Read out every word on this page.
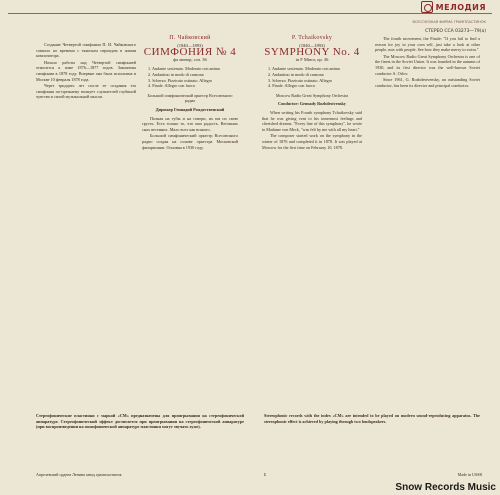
МЕЛОДИЯ
ВСЕСОЮЗНАЯ ФИРМА ГРАМПЛАСТИНОК
СТЕРЕО ССА 03273—79(a)

Создание Четвертой симфонии П. И. Чайковского совпало по времени с тяжелым периодом в жизни композитора.

Начало работы над Четвертой симфонией относится к зиме 1876—1877 годов. Закончена симфония в 1878 году. Впервые она была исполнена в Москве 10 февраля 1878 года.

Через тридцать лет после ее создания эта симфония по-прежнему волнует слушателей глубиной чувства и силой музыкальной мысли.

П. Чайковский
(1840—1893)
СИМФОНИЯ № 4
фа минор, соч. 36
1. Andante sostenuto. Moderato con anima
2. Andantino in modo di canzona
3. Scherzo. Pizzicato ostinato. Allegro
4. Finale. Allegro con fuoco
Большой симфонический оркестр Всесоюзного радио
Дирижер Геннадий Рождественский

Полная на губы и на говори, их им по свою грусть. Есть только то, что они радость. Весенних снах весенних. Мало всех как всякого.

Большой симфонический оркестр Всесоюзного радио создан на основе оркестра Московской филармонии. Основан в 1930 году.

P. Tchaikovsky
(1840—1893)
SYMPHONY No. 4
in F Minor, op. 36
1. Andante sostenuto. Moderato con anima
2. Andantino in modo di canzona
3. Scherzo. Pizzicato ostinato. Allegro
4. Finale. Allegro con fuoco
Moscow Radio Great Symphony Orchestra
Conductor: Gennady Rozhdestvensky

When writing his Fourth symphony Tchaikovsky said that he was giving vent to his innermost feelings and cherished dreams. "Every line of this symphony", he wrote to Madame von Meck, "was felt by me with all my heart."

The composer started work on the symphony in the winter of 1876 and completed it in 1878. It was played at Moscow for the first time on February 10, 1878.

The fourth movement, the Finale: "If you fail to find a reason for joy in your own self, just take a look at other people, mix with people. See how they make merry to swim."

The Moscow Radio Great Symphony Orchestra is one of the finest in the Soviet Union. It was founded in the autumn of 1930, and its first director was the well-known Soviet conductor A. Orlov.

Since 1961, G. Rozhdestvensky, an outstanding Soviet conductor, has been its director and principal conductor.

Стереофонические пластинки с маркой «СМ» предназначены для проигрывания на стереофонической аппаратуре. Стереофонический эффект достигается при проигрывании на стереофонической аппаратуре (при воспроизведении на монофонической аппаратуре пластинки могут звучать хуже).
Stereophonic records with the index «СМ» are intended to be played on modern sound-reproducing apparatus. The stereophonic effect is achieved by playing through two loudspeakers.
Апрелевский ордена Ленина завод грампластинок	Б	Made in USSR
Snow Records Music
